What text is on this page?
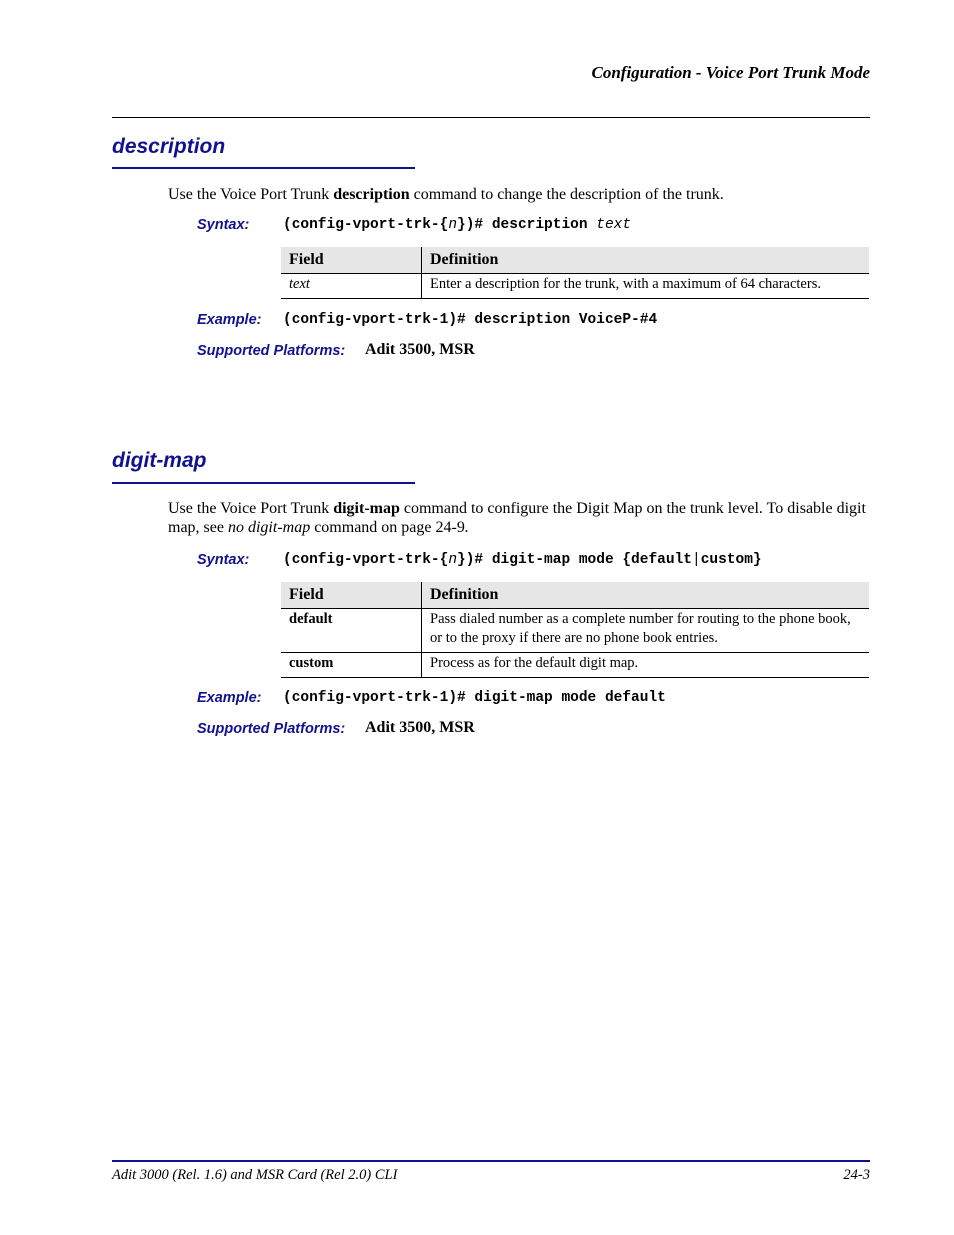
Configuration - Voice Port Trunk Mode
description
Use the Voice Port Trunk description command to change the description of the trunk.
Syntax: (config-vport-trk-{n})# description text
Field	Definition
text	Enter a description for the trunk, with a maximum of 64 characters.
Example: (config-vport-trk-1)# description VoiceP-#4
Supported Platforms: Adit 3500, MSR
digit-map
Use the Voice Port Trunk digit-map command to configure the Digit Map on the trunk level. To disable digit map, see no digit-map command on page 24-9.
Syntax: (config-vport-trk-{n})# digit-map mode {default|custom}
Field	Definition
default	Pass dialed number as a complete number for routing to the phone book, or to the proxy if there are no phone book entries.
custom	Process as for the default digit map.
Example: (config-vport-trk-1)# digit-map mode default
Supported Platforms: Adit 3500, MSR
Adit 3000 (Rel. 1.6) and MSR Card (Rel 2.0) CLI	24-3
